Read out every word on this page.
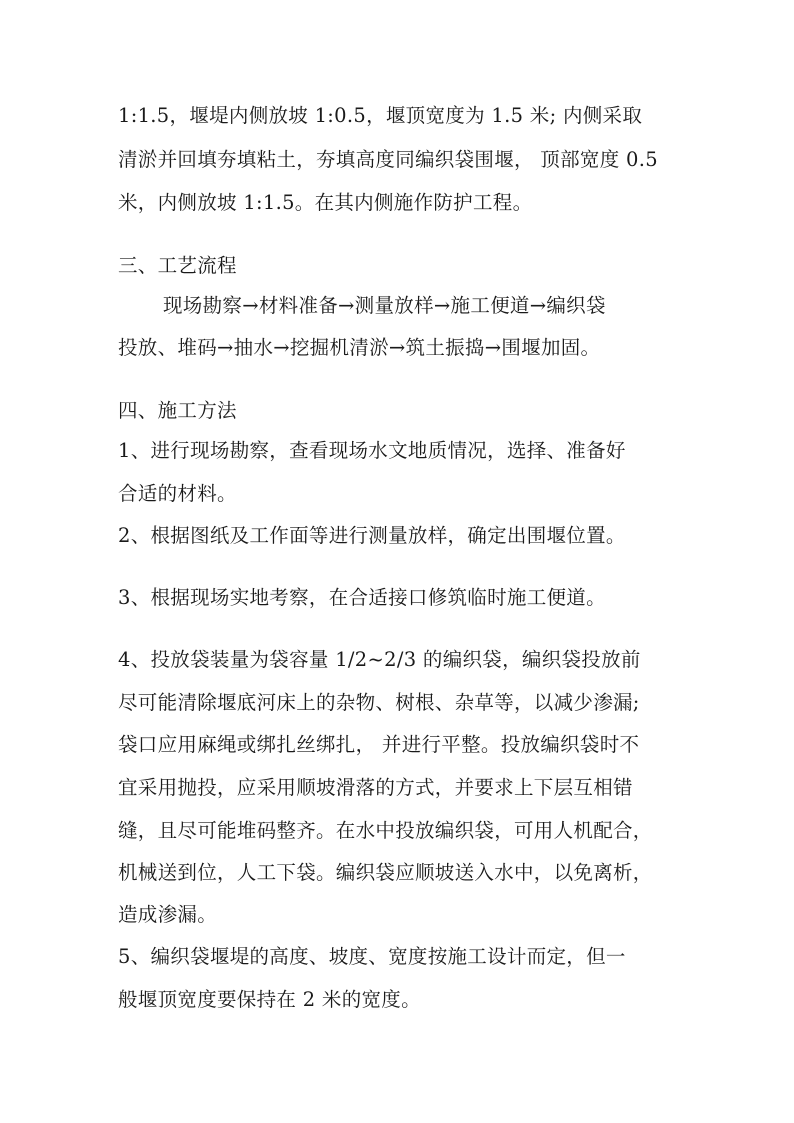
1:1.5，堰堤内侧放坡 1:0.5，堰顶宽度为 1.5 米; 内侧采取
清淤并回填夯填粘土，夯填高度同编织袋围堰， 顶部宽度 0.5
米，内侧放坡 1:1.5。在其内侧施作防护工程。
三、工艺流程
现场勘察→材料准备→测量放样→施工便道→编织袋
投放、堆码→抽水→挖掘机清淤→筑土振捣→围堰加固。
四、施工方法
1、进行现场勘察，查看现场水文地质情况，选择、准备好
合适的材料。
2、根据图纸及工作面等进行测量放样，确定出围堰位置。
3、根据现场实地考察，在合适接口修筑临时施工便道。
4、投放袋装量为袋容量 1/2~2/3 的编织袋，编织袋投放前
尽可能清除堰底河床上的杂物、树根、杂草等，以减少渗漏;
袋口应用麻绳或绑扎丝绑扎， 并进行平整。投放编织袋时不
宜采用抛投，应采用顺坡滑落的方式，并要求上下层互相错
缝，且尽可能堆码整齐。在水中投放编织袋，可用人机配合，
机械送到位，人工下袋。编织袋应顺坡送入水中，以免离析，
造成渗漏。
5、编织袋堰堤的高度、坡度、宽度按施工设计而定，但一
般堰顶宽度要保持在 2 米的宽度。
